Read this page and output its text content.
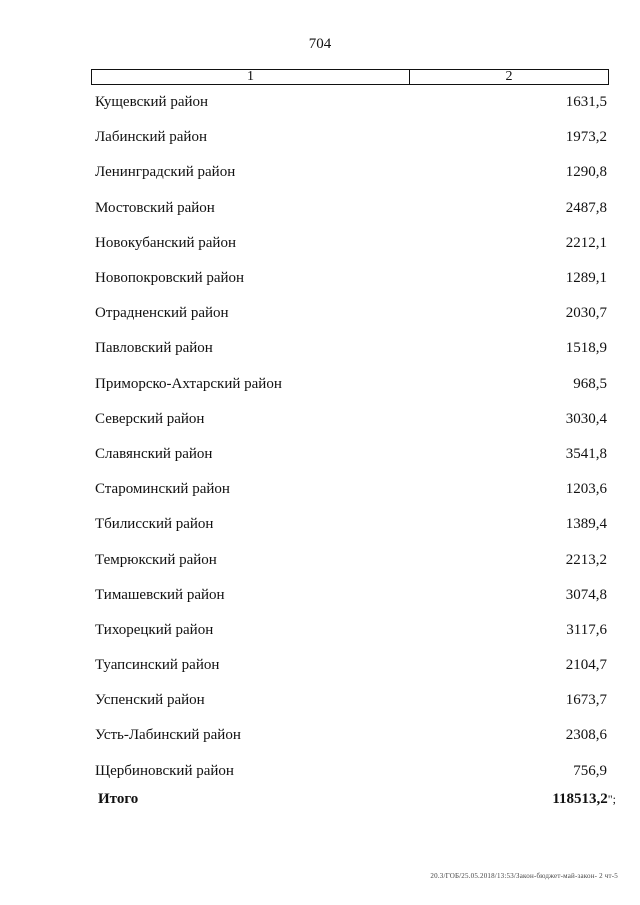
704
1	2
Кущевский район	1631,5
Лабинский район	1973,2
Ленинградский район	1290,8
Мостовский район	2487,8
Новокубанский район	2212,1
Новопокровский район	1289,1
Отрадненский район	2030,7
Павловский район	1518,9
Приморско-Ахтарский район	968,5
Северский район	3030,4
Славянский район	3541,8
Староминский район	1203,6
Тбилисский район	1389,4
Темрюкский район	2213,2
Тимашевский район	3074,8
Тихорецкий район	3117,6
Туапсинский район	2104,7
Успенский район	1673,7
Усть-Лабинский район	2308,6
Щербиновский район	756,9
Итого	118513,2";
20.3/ГОБ/25.05.2018/13:53/Закон-бюджет-май-закон- 2 чт-5
